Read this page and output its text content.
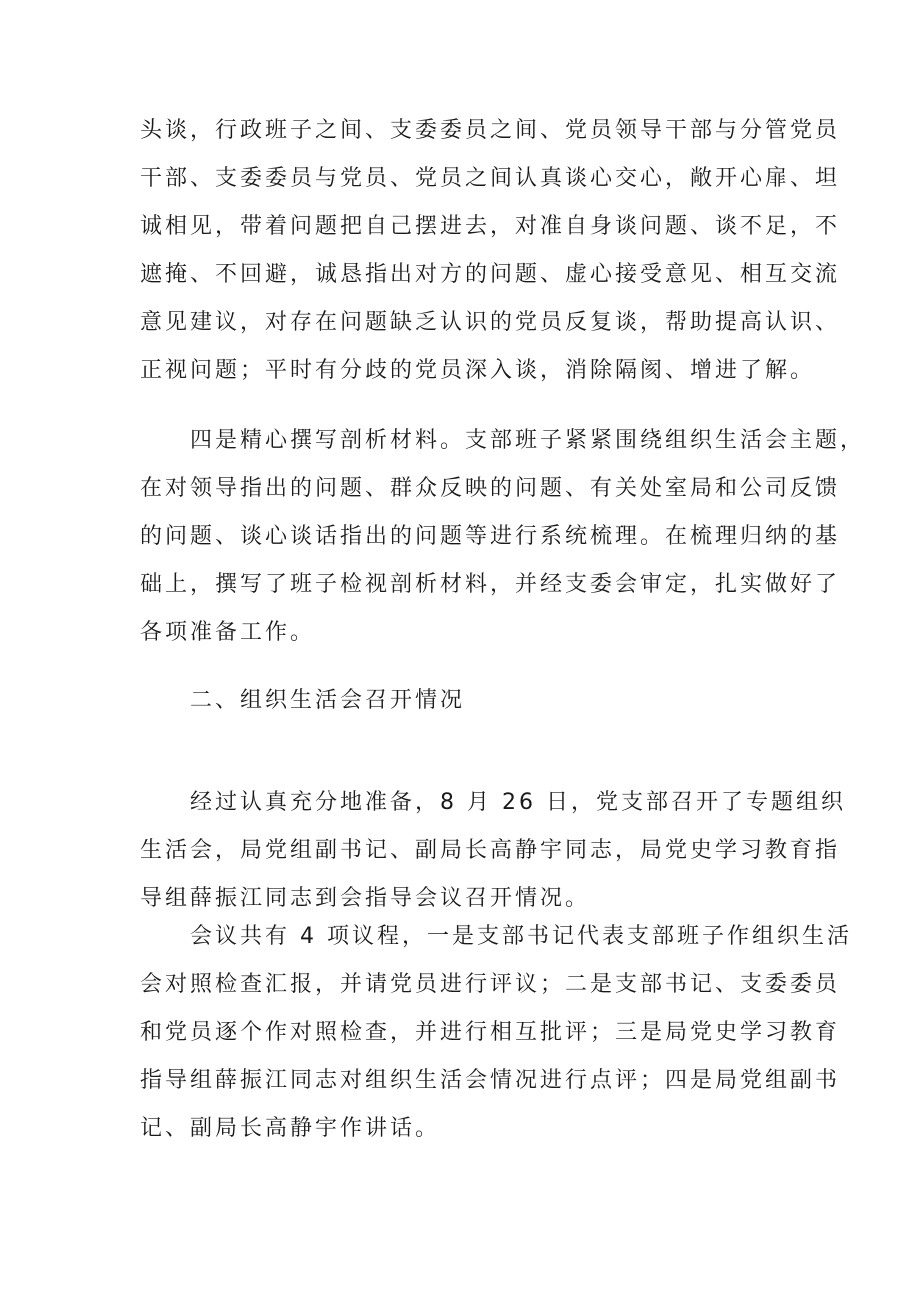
头谈，行政班子之间、支委委员之间、党员领导干部与分管党员
干部、支委委员与党员、党员之间认真谈心交心，敞开心扉、坦
诚相见，带着问题把自己摆进去，对准自身谈问题、谈不足，不
遮掩、不回避，诚恳指出对方的问题、虚心接受意见、相互交流
意见建议，对存在问题缺乏认识的党员反复谈，帮助提高认识、
正视问题；平时有分歧的党员深入谈，消除隔阂、增进了解。
四是精心撰写剖析材料。支部班子紧紧围绕组织生活会主题，
在对领导指出的问题、群众反映的问题、有关处室局和公司反馈
的问题、谈心谈话指出的问题等进行系统梳理。在梳理归纳的基
础上，撰写了班子检视剖析材料，并经支委会审定，扎实做好了
各项准备工作。
二、组织生活会召开情况
经过认真充分地准备，8 月 26 日，党支部召开了专题组织
生活会，局党组副书记、副局长高静宇同志，局党史学习教育指
导组薛振江同志到会指导会议召开情况。
会议共有 4 项议程，一是支部书记代表支部班子作组织生活
会对照检查汇报，并请党员进行评议；二是支部书记、支委委员
和党员逐个作对照检查，并进行相互批评；三是局党史学习教育
指导组薛振江同志对组织生活会情况进行点评；四是局党组副书
记、副局长高静宇作讲话。
